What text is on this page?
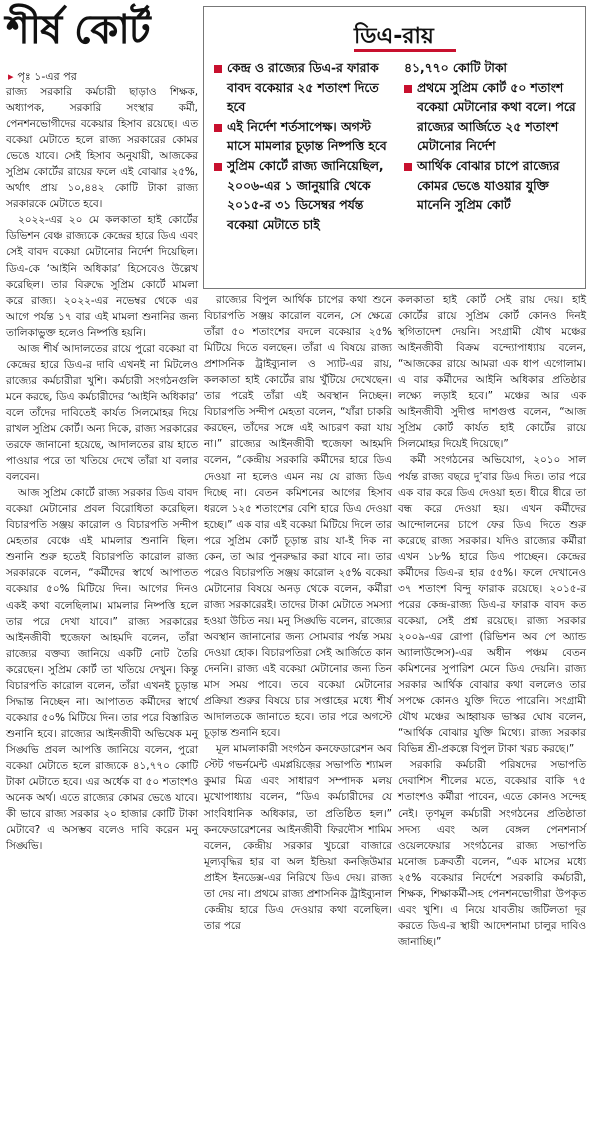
শীর্ষ কোর্ট
▸ পৃঃ ১-এর পর
ডিএ-রায়
কেন্দ্র ও রাজ্যের ডিএ-র ফারাক বাবদ বকেয়ার ২৫ শতাংশ দিতে হবে
এই নির্দেশ শর্তসাপেক্ষ। অগস্ট মাসে মামলার চূড়ান্ত নিষ্পত্তি হবে
সুপ্রিম কোর্টে রাজ্য জানিয়েছিল, ২০০৬-এর ১ জানুয়ারি থেকে ২০১৫-র ৩১ ডিসেম্বর পর্যন্ত বকেয়া মেটাতে চাই
৪১,৭৭০ কোটি টাকা
প্রথমে সুপ্রিম কোর্ট ৫০ শতাংশ বকেয়া মেটানোর কথা বলে। পরে রাজ্যের আর্জিতে ২৫ শতাংশ মেটানোর নির্দেশ
আর্থিক বোঝার চাপে রাজ্যের কোমর ভেঙে যাওয়ার যুক্তি মানেনি সুপ্রিম কোর্ট

রাজ্য সরকারি কর্মচারী ছাড়াও শিক্ষক, অধ্যাপক, সরকারি সংস্থার কর্মী, পেনশনভোগীদের বকেয়ার হিসাব রয়েছে। এত বকেয়া মেটাতে হলে রাজ্য সরকারের কোমর ভেঙে যাবে। সেই হিসাব অনুযায়ী, আজকের সুপ্রিম কোর্টের রায়ের ফলে এই বোঝার ২৫%, অর্থাৎ প্রায় ১০,৪৪২ কোটি টাকা রাজ্য সরকারকে মেটাতে হবে।

২০২২-এর ২০ মে কলকাতা হাই কোর্টের ডিভিশন বেঞ্চ রাজ্যকে কেন্দ্রের হারে ডিএ এবং সেই বাবদ বকেয়া মেটানোর নির্দেশ দিয়েছিল। ডিএ-কে ‘আইনি অধিকার’ হিসেবেও উল্লেখ করেছিল। তার বিরুদ্ধে সুপ্রিম কোর্টে মামলা করে রাজ্য। ২০২২-এর নভেম্বর থেকে এর আগে পর্যন্ত ১৭ বার এই মামলা শুনানির জন্য তালিকাভুক্ত হলেও নিষ্পত্তি হয়নি।

আজ শীর্ষ আদালতের রায়ে পুরো বকেয়া বা কেন্দ্রের হারে ডিএ-র দাবি এখনই না মিটলেও রাজ্যের কর্মচারীরা খুশি। কর্মচারী সংগঠনগুলি মনে করছে, ডিএ কর্মচারীদের ‘আইনি অধিকার’ বলে তাঁদের দাবিতেই কার্যত সিলমোহর দিয়ে রাখল সুপ্রিম কোর্ট। অন্য দিকে, রাজ্য সরকারের তরফে জানানো হয়েছে, আদালতের রায় হাতে পাওয়ার পরে তা খতিয়ে দেখে তাঁরা যা বলার বলবেন।

আজ সুপ্রিম কোর্টে রাজ্য সরকার ডিএ বাবদ বকেয়া মেটানোর প্রবল বিরোধিতা করেছিল। বিচারপতি সঞ্জয় কারোল ও বিচারপতি সন্দীপ মেহতার বেঞ্চে এই মামলার শুনানি ছিল। শুনানি শুরু হতেই বিচারপতি কারোল রাজ্য সরকারকে বলেন, “কর্মীদের স্বার্থে আপাতত বকেয়ার ৫০% মিটিয়ে দিন। আগের দিনও একই কথা বলেছিলাম। মামলার নিষ্পত্তি হলে তার পরে দেখা যাবে।” রাজ্য সরকারের আইনজীবী হুজেফা আহমদি বলেন, তাঁরা রাজ্যের বক্তব্য জানিয়ে একটি নোট তৈরি করেছেন। সুপ্রিম কোর্ট তা খতিয়ে দেখুন। কিন্তু বিচারপতি কারোল বলেন, তাঁরা এখনই চূড়ান্ত সিদ্ধান্ত নিচ্ছেন না। আপাতত কর্মীদের স্বার্থে বকেয়ার ৫০% মিটিয়ে দিন। তার পরে বিস্তারিত শুনানি হবে। রাজ্যের আইনজীবী অভিষেক মনু সিঙ্ঘভি প্রবল আপত্তি জানিয়ে বলেন, পুরো বকেয়া মেটাতে হলে রাজ্যকে ৪১,৭৭০ কোটি টাকা মেটাতে হবে। এর অর্ধেক বা ৫০ শতাংশও অনেক অর্থ। এতে রাজ্যের কোমর ভেঙে যাবে। কী ভাবে রাজ্য সরকার ২০ হাজার কোটি টাকা মেটাবে? এ অসম্ভব বলেও দাবি করেন মনু সিঙ্ঘভি।

রাজ্যের বিপুল আর্থিক চাপের কথা শুনে বিচারপতি সঞ্জয় কারোল বলেন, সে ক্ষেত্রে তাঁরা ৫০ শতাংশের বদলে বকেয়ার ২৫% মিটিয়ে দিতে বলছেন। তাঁরা এ বিষয়ে রাজ্য প্রশাসনিক ট্রাইব্যুনাল ও স্যাট-এর রায়, কলকাতা হাই কোর্টের রায় খুঁটিয়ে দেখেছেন। তার পরেই তাঁরা এই অবস্থান নিচ্ছেন। বিচারপতি সন্দীপ মেহতা বলেন, “যাঁরা চাকরি করছেন, তাঁদের সঙ্গে এই আচরণ করা যায় না।” রাজ্যের আইনজীবী হুজেফা আহমদি বলেন, “কেন্দ্রীয় সরকারি কর্মীদের হারে ডিএ দেওয়া না হলেও এমন নয় যে রাজ্য ডিএ দিচ্ছে না। বেতন কমিশনের আগের হিসাব ধরলে ১২৫ শতাংশের বেশি হারে ডিএ দেওয়া হচ্ছে।” এক বার এই বকেয়া মিটিয়ে দিলে তার পরে সুপ্রিম কোর্ট চূড়ান্ত রায় যা-ই দিক না কেন, তা আর পুনরুদ্ধার করা যাবে না। তার পরেও বিচারপতি সঞ্জয় কারোল ২৫% বকেয়া মেটানোর বিষয়ে অনড় থেকে বলেন, কর্মীরা রাজ্য সরকারেরই। তাদের টাকা মেটাতে সমস্যা হওয়া উচিত নয়। মনু সিঙ্ঘভি বলেন, রাজ্যের অবস্থান জানানোর জন্য সোমবার পর্যন্ত সময় দেওয়া হোক। বিচারপতিরা সেই আর্জিতে কান দেননি। রাজ্য এই বকেয়া মেটানোর জন্য তিন মাস সময় পাবে। তবে বকেয়া মেটানোর প্রক্রিয়া শুরুর বিষয়ে চার সপ্তাহের মধ্যে শীর্ষ আদালতকে জানাতে হবে। তার পরে অগস্টে চূড়ান্ত শুনানি হবে।

মূল মামলাকারী সংগঠন কনফেডারেশন অব স্টেট গভর্নমেন্ট এমপ্লয়িজ়ের সভাপতি শ্যামল কুমার মিত্র এবং সাধারণ সম্পাদক মলয় মুখোপাধ্যায় বলেন, “ডিএ কর্মচারীদের যে সাংবিধানিক অধিকার, তা প্রতিষ্ঠিত হল।” কনফেডারেশনের আইনজীবী ফিরদৌস শামিম বলেন, কেন্দ্রীয় সরকার খুচরো বাজারে মূল্যবৃদ্ধির হার বা অল ইন্ডিয়া কনজ়িউমার প্রাইস ইনডেক্স-এর নিরিখে ডিএ দেয়। রাজ্য তা দেয় না। প্রথমে রাজ্য প্রশাসনিক ট্রাইব্যুনাল কেন্দ্রীয় হারে ডিএ দেওয়ার কথা বলেছিল। তার পরে

কলকাতা হাই কোর্ট সেই রায় দেয়। হাই কোর্টের রায়ে সুপ্রিম কোর্ট কোনও দিনই স্থগিতাদেশ দেয়নি। সংগ্রামী যৌথ মঞ্চের আইনজীবী বিক্রম বন্দ্যোপাধ্যায় বলেন, “আজকের রায়ে আমরা এক ধাপ এগোলাম। এ বার কর্মীদের আইনি অধিকার প্রতিষ্ঠার লক্ষ্যে লড়াই হবে।” মঞ্চের আর এক আইনজীবী সুদীপ্ত দাশগুপ্ত বলেন, “আজ সুপ্রিম কোর্ট কার্যত হাই কোর্টের রায়ে সিলমোহর দিয়েই দিয়েছে।”

কর্মী সংগঠনের অভিযোগ, ২০১০ সাল পর্যন্ত রাজ্য বছরে দু’বার ডিএ দিত। তার পরে এক বার করে ডিএ দেওয়া হত। ধীরে ধীরে তা বন্ধ করে দেওয়া হয়। এখন কর্মীদের আন্দোলনের চাপে ফের ডিএ দিতে শুরু করেছে রাজ্য সরকার। যদিও রাজ্যের কর্মীরা এখন ১৮% হারে ডিএ পাচ্ছেন। কেন্দ্রের কর্মীদের ডিএ-র হার ৫৫%। ফলে দেখানেও ৩৭ শতাংশ বিন্দু ফারাক রয়েছে। ২০১৫-র পরের কেন্দ্র-রাজ্য ডিএ-র ফারাক বাবদ কত বকেয়া, সেই প্রশ্ন রয়েছে। রাজ্য সরকার ২০০৯-এর রোপা (রিভিশন অব পে অ্যান্ড অ্যালাউন্সেস)-এর অধীন পঞ্চম বেতন কমিশনের সুপারিশ মেনে ডিএ দেয়নি। রাজ্য সরকার আর্থিক বোঝার কথা বললেও তার সপক্ষে কোনও যুক্তি দিতে পারেনি। সংগ্রামী যৌথ মঞ্চের আহ্বায়ক ভাস্কর ঘোষ বলেন, “আর্থিক বোঝার যুক্তি মিথ্যে। রাজ্য সরকার বিভিন্ন শ্রী-প্রকল্পে বিপুল টাকা খরচ করছে।”

সরকারি কর্মচারী পরিষদের সভাপতি দেবাশিস শীলের মতে, বকেয়ার বাকি ৭৫ শতাংশও কর্মীরা পাবেন, এতে কোনও সন্দেহ নেই। তৃণমূল কর্মচারী সংগঠনের প্রতিষ্ঠাতা সদস্য এবং অল বেঙ্গল পেনশনার্স ওয়েলফেয়ার সংগঠনের রাজ্য সভাপতি মনোজ চক্রবর্তী বলেন, “এক মাসের মধ্যে ২৫% বকেয়ার নির্দেশে সরকারি কর্মচারী, শিক্ষক, শিক্ষাকর্মী-সহ পেনশনভোগীরা উপকৃত এবং খুশি। এ নিয়ে যাবতীয় জটিলতা দূর করতে ডিএ-র স্থায়ী আদেশনামা চালুর দাবিও জানাচ্ছি।”
